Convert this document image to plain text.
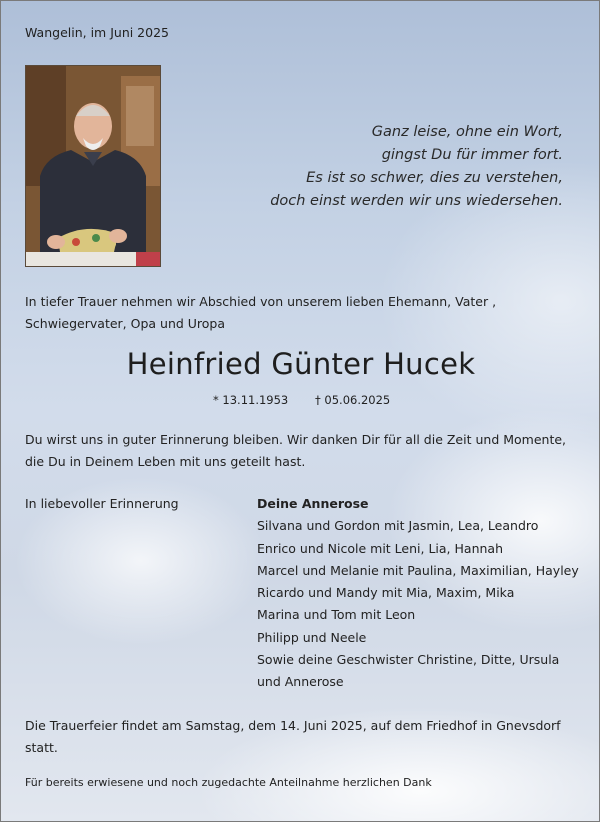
Wangelin, im Juni 2025
Ganz leise, ohne ein Wort,
gingst Du für immer fort.
Es ist so schwer, dies zu verstehen,
doch einst werden wir uns wiedersehen.
In tiefer Trauer nehmen wir Abschied von unserem lieben Ehemann, Vater , Schwiegervater, Opa und Uropa
Heinfried Günter Hucek
* 13.11.1953 † 05.06.2025
Du wirst uns in guter Erinnerung bleiben. Wir danken Dir für all die Zeit und Momente, die Du in Deinem Leben mit uns geteilt hast.
In liebevoller Erinnerung	Deine Annerose
Silvana und Gordon mit Jasmin, Lea, Leandro
Enrico und Nicole mit Leni, Lia, Hannah
Marcel und Melanie mit Paulina, Maximilian, Hayley
Ricardo und Mandy mit Mia, Maxim, Mika
Marina und Tom mit Leon
Philipp und Neele
Sowie deine Geschwister Christine, Ditte, Ursula
und Annerose
Die Trauerfeier findet am Samstag, dem 14. Juni 2025, auf dem Friedhof in Gnevsdorf statt.
Für bereits erwiesene und noch zugedachte Anteilnahme herzlichen Dank
